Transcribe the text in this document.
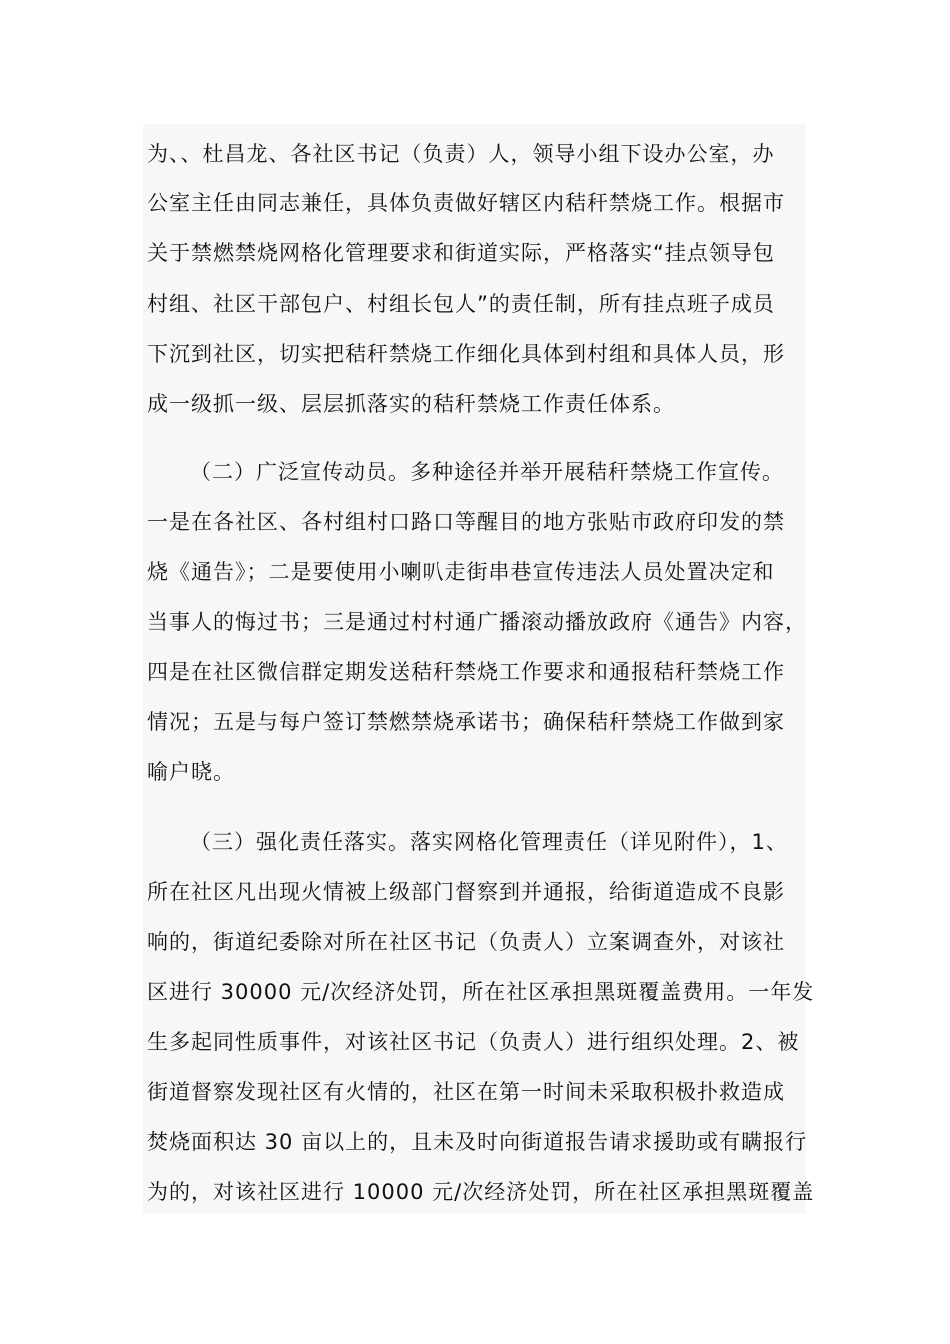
为、、杜昌龙、各社区书记（负责）人，领导小组下设办公室，办
公室主任由同志兼任，具体负责做好辖区内秸秆禁烧工作。根据市
关于禁燃禁烧网格化管理要求和街道实际，严格落实“挂点领导包
村组、社区干部包户、村组长包人”的责任制，所有挂点班子成员
下沉到社区，切实把秸秆禁烧工作细化具体到村组和具体人员，形
成一级抓一级、层层抓落实的秸秆禁烧工作责任体系。
（二）广泛宣传动员。多种途径并举开展秸秆禁烧工作宣传。
一是在各社区、各村组村口路口等醒目的地方张贴市政府印发的禁
烧《通告》；二是要使用小喇叭走街串巷宣传违法人员处置决定和
当事人的悔过书；三是通过村村通广播滚动播放政府《通告》内容，
四是在社区微信群定期发送秸秆禁烧工作要求和通报秸秆禁烧工作
情况；五是与每户签订禁燃禁烧承诺书；确保秸秆禁烧工作做到家
喻户晓。
（三）强化责任落实。落实网格化管理责任（详见附件），1、
所在社区凡出现火情被上级部门督察到并通报，给街道造成不良影
响的，街道纪委除对所在社区书记（负责人）立案调查外，对该社
区进行 30000 元/次经济处罚，所在社区承担黑斑覆盖费用。一年发
生多起同性质事件，对该社区书记（负责人）进行组织处理。2、被
街道督察发现社区有火情的，社区在第一时间未采取积极扑救造成
焚烧面积达 30 亩以上的，且未及时向街道报告请求援助或有瞒报行
为的，对该社区进行 10000 元/次经济处罚，所在社区承担黑斑覆盖
